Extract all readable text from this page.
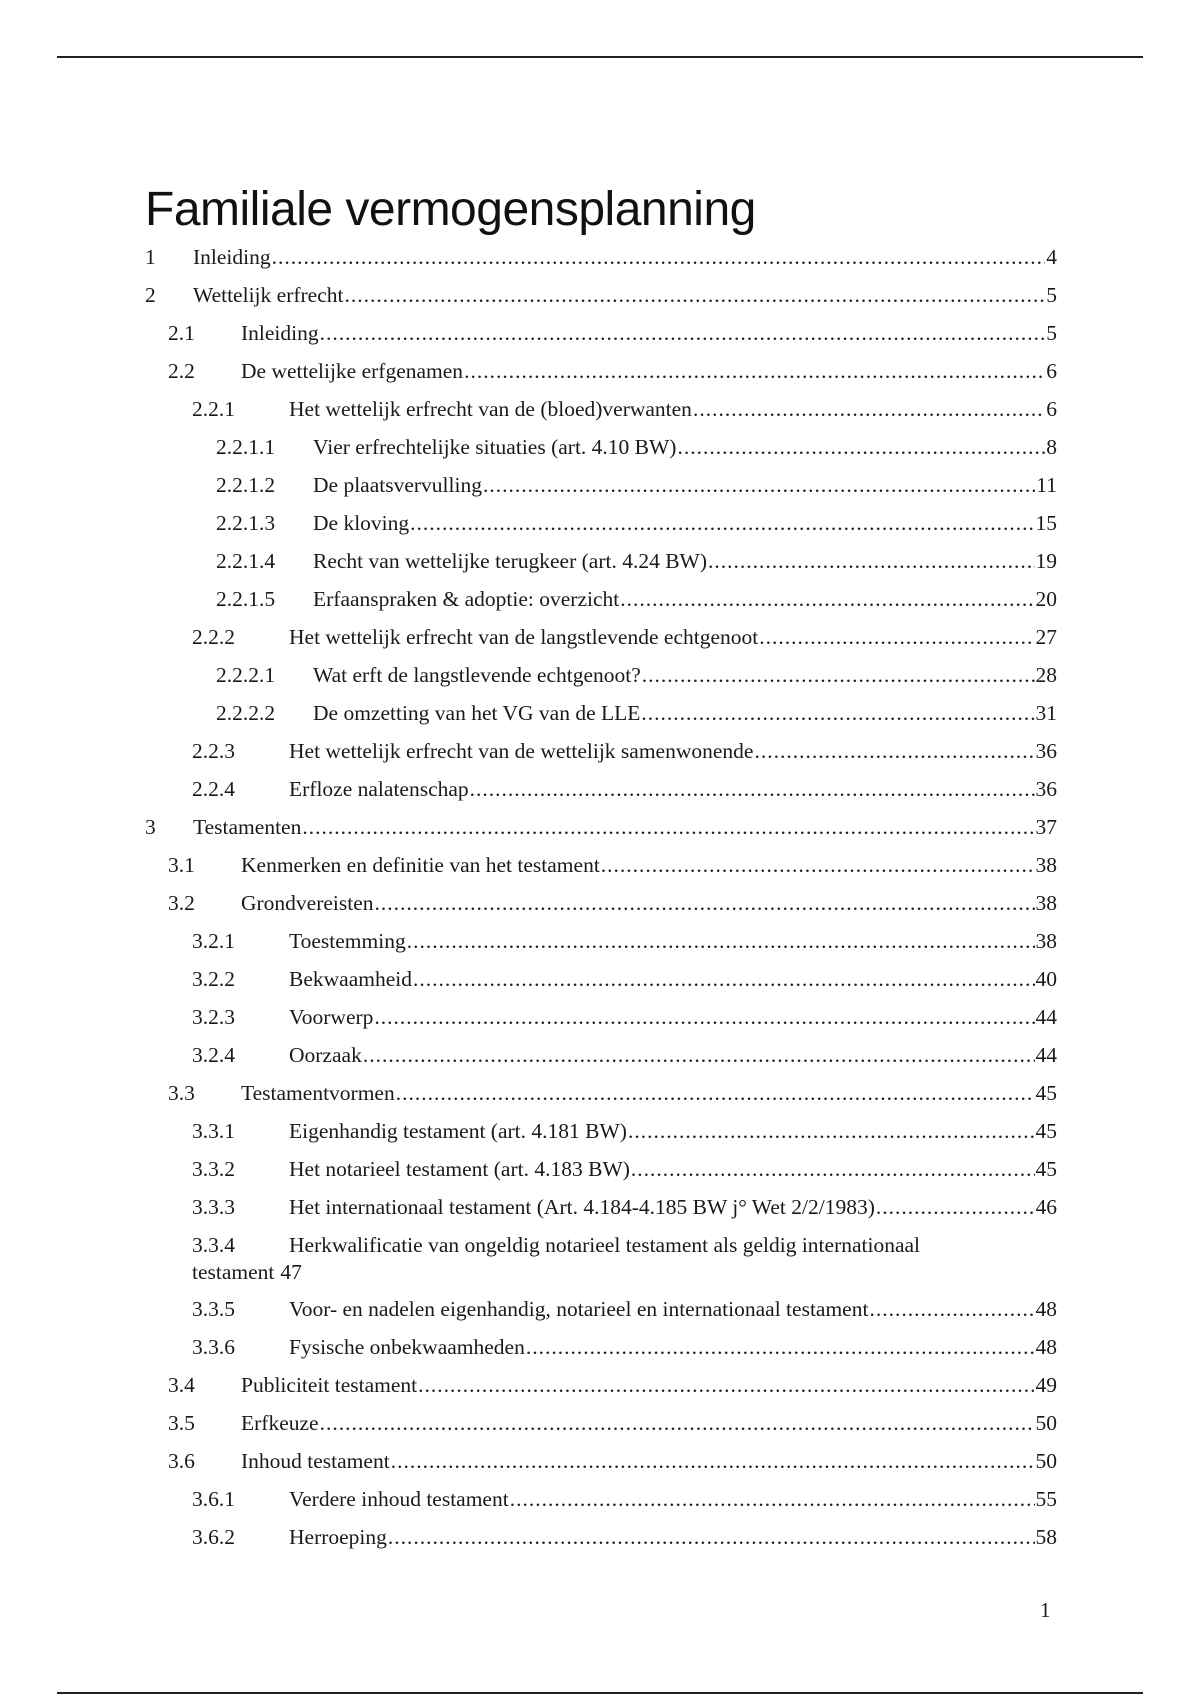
Familiale vermogensplanning
1 Inleiding .....	4
2 Wettelijk erfrecht .....	5
2.1 Inleiding .....	5
2.2 De wettelijke erfgenamen .....	6
2.2.1	Het wettelijk erfrecht van de (bloed)verwanten .....	6
2.2.1.1 Vier erfrechtelijke situaties (art. 4.10 BW) .....	8
2.2.1.2 De plaatsvervulling .....	11
2.2.1.3 De kloving .....	15
2.2.1.4 Recht van wettelijke terugkeer (art. 4.24 BW) .....	19
2.2.1.5 Erfaanspraken & adoptie: overzicht .....	20
2.2.2	Het wettelijk erfrecht van de langstlevende echtgenoot .....	27
2.2.2.1 Wat erft de langstlevende echtgenoot? .....	28
2.2.2.2 De omzetting van het VG van de LLE .....	31
2.2.3	Het wettelijk erfrecht van de wettelijk samenwonende .....	36
2.2.4	Erfloze nalatenschap .....	36
3 Testamenten .....	37
3.1 Kenmerken en definitie van het testament .....	38
3.2 Grondvereisten .....	38
3.2.1	Toestemming .....	38
3.2.2	Bekwaamheid .....	40
3.2.3	Voorwerp .....	44
3.2.4	Oorzaak .....	44
3.3 Testamentvormen .....	45
3.3.1	Eigenhandig testament (art. 4.181 BW) .....	45
3.3.2	Het notarieel testament (art. 4.183 BW) .....	45
3.3.3	Het internationaal testament (Art. 4.184-4.185 BW j° Wet 2/2/1983) .....	46
3.3.4	Herkwalificatie van ongeldig notarieel testament als geldig internationaal
testament 47
3.3.5	Voor- en nadelen eigenhandig, notarieel en internationaal testament .....	48
3.3.6	Fysische onbekwaamheden .....	48
3.4 Publiciteit testament .....	49
3.5 Erfkeuze .....	50
3.6 Inhoud testament .....	50
3.6.1	Verdere inhoud testament .....	55
3.6.2	Herroeping .....	58
1
